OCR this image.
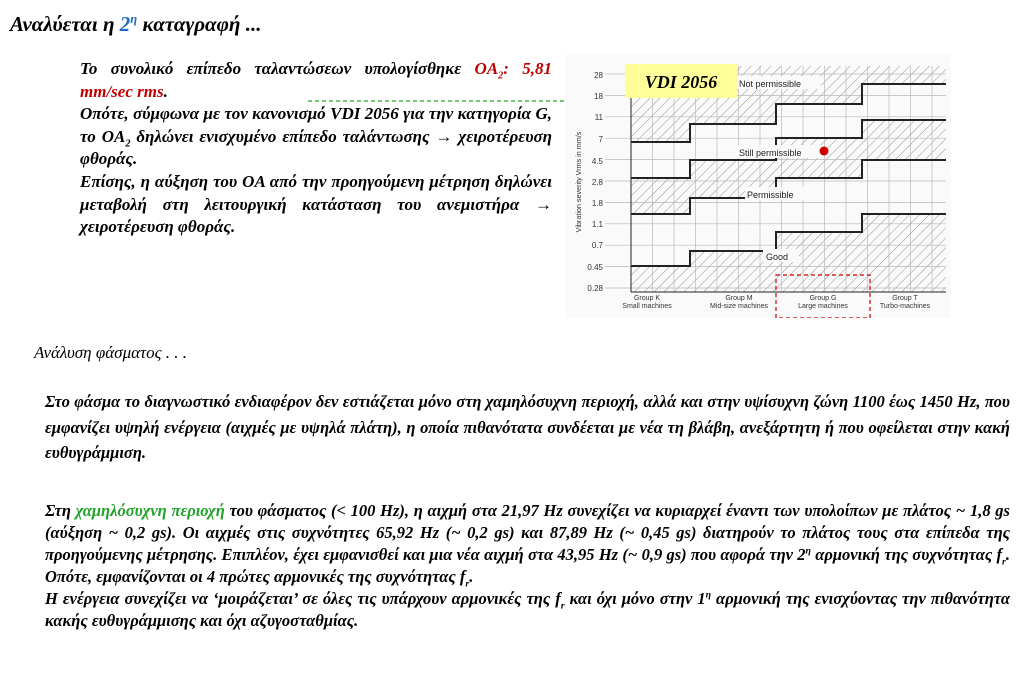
Αναλύεται η $2^\eta$ καταγραφή ...

Το συνολικό επίπεδο ταλαντώσεων υπολογίσθηκε $OA_2$: 5,81 mm/sec rms.

Οπότε, σύμφωνα με τον κανονισμό VDI 2056 για την κατηγορία G, το $OA_2$ δηλώνει ενισχυμένο επίπεδο ταλάντωσης → χειροτέρευση φθοράς.

Επίσης, η αύξηση του OA από την προηγούμενη μέτρηση δηλώνει μεταβολή στη λειτουργική κατάσταση του ανεμιστήρα → χειροτέρευση φθοράς.

28
18
11
7
4.5
2.8
1.8
1.1
0.7
0.45
0.28
Vibration severity Vrms in mm/s
Not permissible
Still permissible
Permissible
Good
Group K
Small machines
Group M
Mid-size machines
Group G
Large machines
Group T
Turbo-machines
VDI 2056
Ανάλυση φάσματος . . .

Στο φάσμα το διαγνωστικό ενδιαφέρον δεν εστιάζεται μόνο στη χαμηλόσυχνη περιοχή, αλλά και στην υψίσυχνη ζώνη 1100 έως 1450 Hz, που εμφανίζει υψηλή ενέργεια (αιχμές με υψηλά πλάτη), η οποία πιθανότατα συνδέεται με νέα τη βλάβη, ανεξάρτητη ή που οφείλεται στην κακή ευθυγράμμιση.

Στη χαμηλόσυχνη περιοχή του φάσματος (< 100 Hz), η αιχμή στα 21,97 Hz συνεχίζει να κυριαρχεί έναντι των υπολοίπων με πλάτος ~ 1,8 gs (αύξηση ~ 0,2 gs). Οι αιχμές στις συχνότητες 65,92 Hz (~ 0,2 gs) και 87,89 Hz (~ 0,45 gs) διατηρούν το πλάτος τους στα επίπεδα της προηγούμενης μέτρησης. Επιπλέον, έχει εμφανισθεί και μια νέα αιχμή στα 43,95 Hz (~ 0,9 gs) που αφορά την $2^\eta$ αρμονική της συχνότητας $f_r$. Οπότε, εμφανίζονται οι 4 πρώτες αρμονικές της συχνότητας $f_r$.

Η ενέργεια συνεχίζει να ‘μοιράζεται’ σε όλες τις υπάρχουν αρμονικές της $f_r$ και όχι μόνο στην $1^\eta$ αρμονική της ενισχύοντας την πιθανότητα κακής ευθυγράμμισης και όχι αζυγοσταθμίας.
